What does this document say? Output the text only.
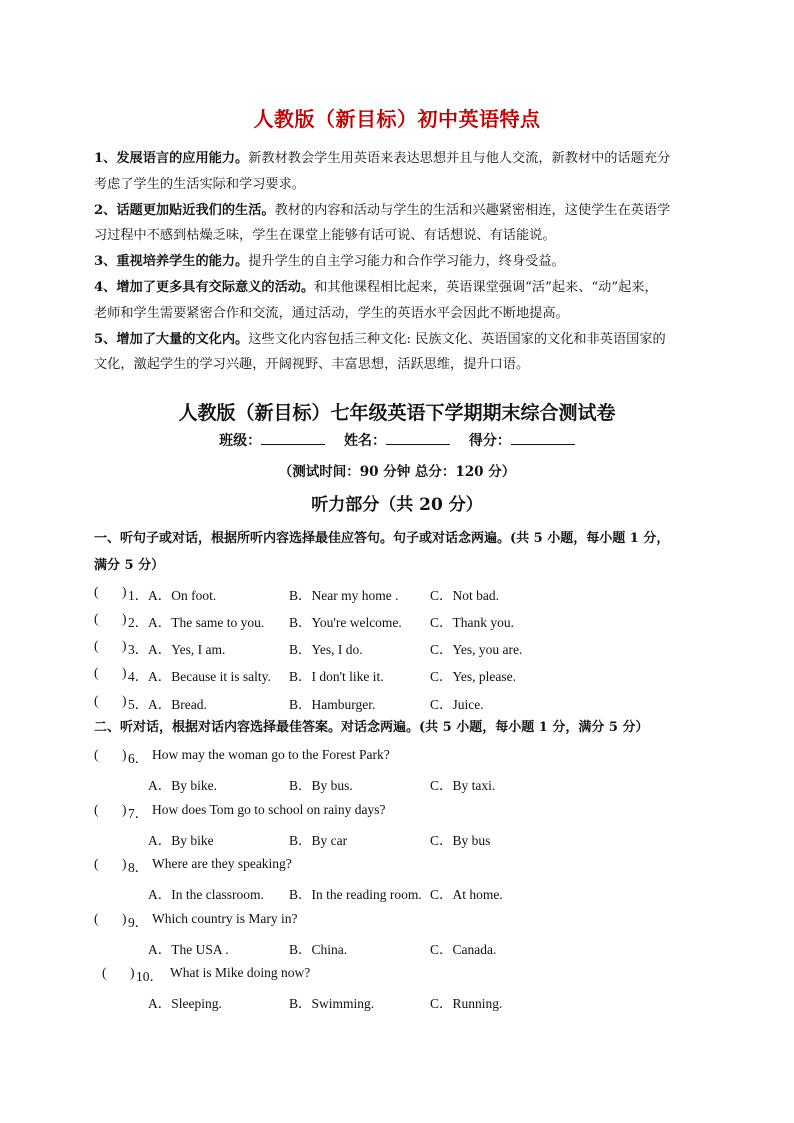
人教版（新目标）初中英语特点

1、发展语言的应用能力。新教材教会学生用英语来表达思想并且与他人交流，新教材中的话题充分

考虑了学生的生活实际和学习要求。

2、话题更加贴近我们的生活。教材的内容和活动与学生的生活和兴趣紧密相连，这使学生在英语学

习过程中不感到枯燥乏味，学生在课堂上能够有话可说、有话想说、有话能说。

3、重视培养学生的能力。提升学生的自主学习能力和合作学习能力，终身受益。

4、增加了更多具有交际意义的活动。和其他课程相比起来，英语课堂强调“活”起来、“动”起来，

老师和学生需要紧密合作和交流，通过活动，学生的英语水平会因此不断地提高。

5、增加了大量的文化内。这些文化内容包括三种文化: 民族文化、英语国家的文化和非英语国家的

文化，激起学生的学习兴趣，开阔视野、丰富思想，活跃思维，提升口语。

人教版（新目标）七年级英语下学期期末综合测试卷
班级：	姓名：	得分：
（测试时间：90 分钟 总分：120 分）
听力部分（共 20 分）
一、听句子或对话，根据所听内容选择最佳应答句。句子或对话念两遍。(共 5 小题，每小题 1 分，
满分 5 分）
( ) 1． A．On foot.	B．Near my home . C．Not bad.
( ) 2． A．The same to you. B．You're welcome. C．Thank you.
( ) 3． A．Yes, I am.	B．Yes, I do.	C．Yes, you are.
( ) 4． A．Because it is salty. B．I don't like it.	C．Yes, please.
( ) 5． A．Bread.	B．Hamburger.	C．Juice.
二、听对话，根据对话内容选择最佳答案。对话念两遍。(共 5 小题，每小题 1 分，满分 5 分）
( ) 6． How may the woman go to the Forest Park?
A．By bike.	B．By bus.	C．By taxi.
( ) 7． How does Tom go to school on rainy days?
A．By bike	B．By car	C．By bus
( ) 8． Where are they speaking?
A．In the classroom. B．In the reading room. C．At home.
( ) 9． Which country is Mary in?
A．The USA .	B．China.	C．Canada.
( ) 10． What is Mike doing now?
A．Sleeping.	B．Swimming.	C．Running.
